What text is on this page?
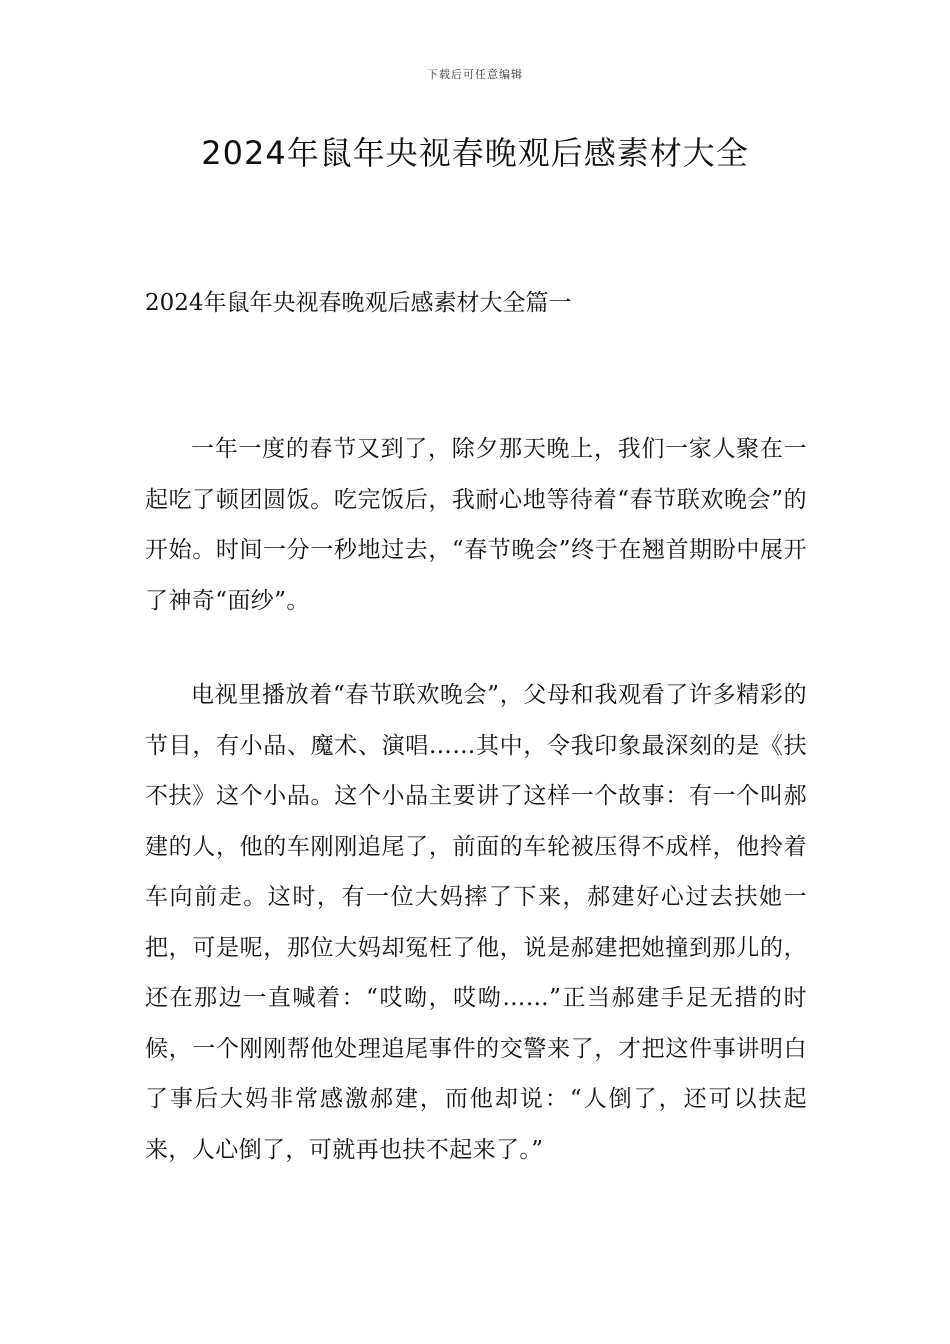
下载后可任意编辑
2024年鼠年央视春晚观后感素材大全
2024年鼠年央视春晚观后感素材大全篇一

一年一度的春节又到了，除夕那天晚上，我们一家人聚在一起吃了顿团圆饭。吃完饭后，我耐心地等待着“春节联欢晚会”的开始。时间一分一秒地过去，“春节晚会”终于在翘首期盼中展开了神奇“面纱”。

电视里播放着“春节联欢晚会”，父母和我观看了许多精彩的节目，有小品、魔术、演唱……其中，令我印象最深刻的是《扶不扶》这个小品。这个小品主要讲了这样一个故事：有一个叫郝建的人，他的车刚刚追尾了，前面的车轮被压得不成样，他拎着车向前走。这时，有一位大妈摔了下来，郝建好心过去扶她一把，可是呢，那位大妈却冤枉了他，说是郝建把她撞到那儿的，还在那边一直喊着：“哎呦，哎呦……”正当郝建手足无措的时候，一个刚刚帮他处理追尾事件的交警来了，才把这件事讲明白了事后大妈非常感激郝建，而他却说：“人倒了，还可以扶起来，人心倒了，可就再也扶不起来了。”
